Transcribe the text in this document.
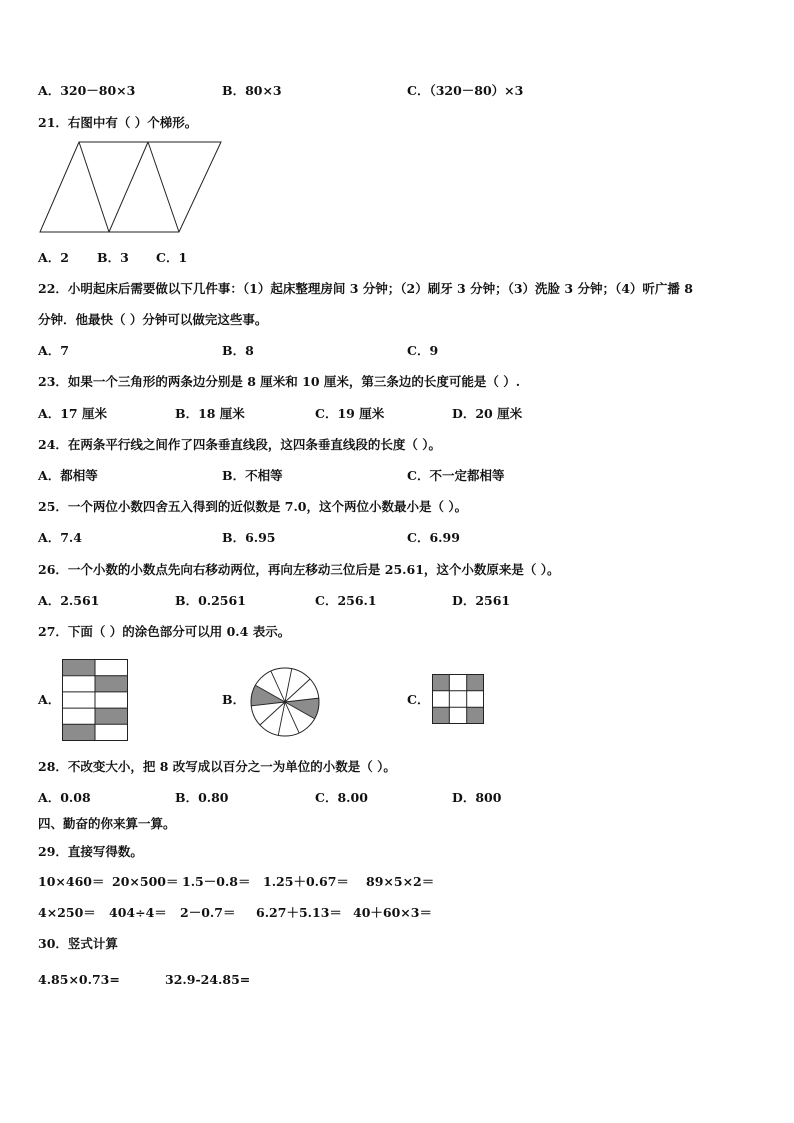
A．320－80×3	B．80×3	C．（320－80）×3
21．右图中有（ ）个梯形。
A．2 B．3 C．1
22．小明起床后需要做以下几件事：（1）起床整理房间 3 分钟；（2）刷牙 3 分钟；（3）洗脸 3 分钟；（4）听广播 8
分钟．他最快（ ）分钟可以做完这些事。
A．7	B．8	C．9
23．如果一个三角形的两条边分别是 8 厘米和 10 厘米，第三条边的长度可能是（ ）.
A．17 厘米	B．18 厘米	C．19 厘米	D．20 厘米
24．在两条平行线之间作了四条垂直线段，这四条垂直线段的长度（ ）。
A．都相等	B．不相等	C．不一定都相等
25．一个两位小数四舍五入得到的近似数是 7.0，这个两位小数最小是（ ）。
A．7.4	B．6.95	C．6.99
26．一个小数的小数点先向右移动两位，再向左移动三位后是 25.61，这个小数原来是（ ）。
A．2.561	B．0.2561	C．256.1	D．2561
27．下面（ ）的涂色部分可以用 0.4 表示。
A．	B．	C．
28．不改变大小，把 8 改写成以百分之一为单位的小数是（ ）。
A．0.08	B．0.80	C．8.00	D．800
四、勤奋的你来算一算。
29．直接写得数。
10×460＝ 20×500＝ 1.5－0.8＝ 1.25＋0.67＝ 89×5×2＝
4×250＝ 404÷4＝ 2－0.7＝ 6.27＋5.13＝ 40＋60×3＝
30．竖式计算
4.85×0.73=	32.9-24.85=
